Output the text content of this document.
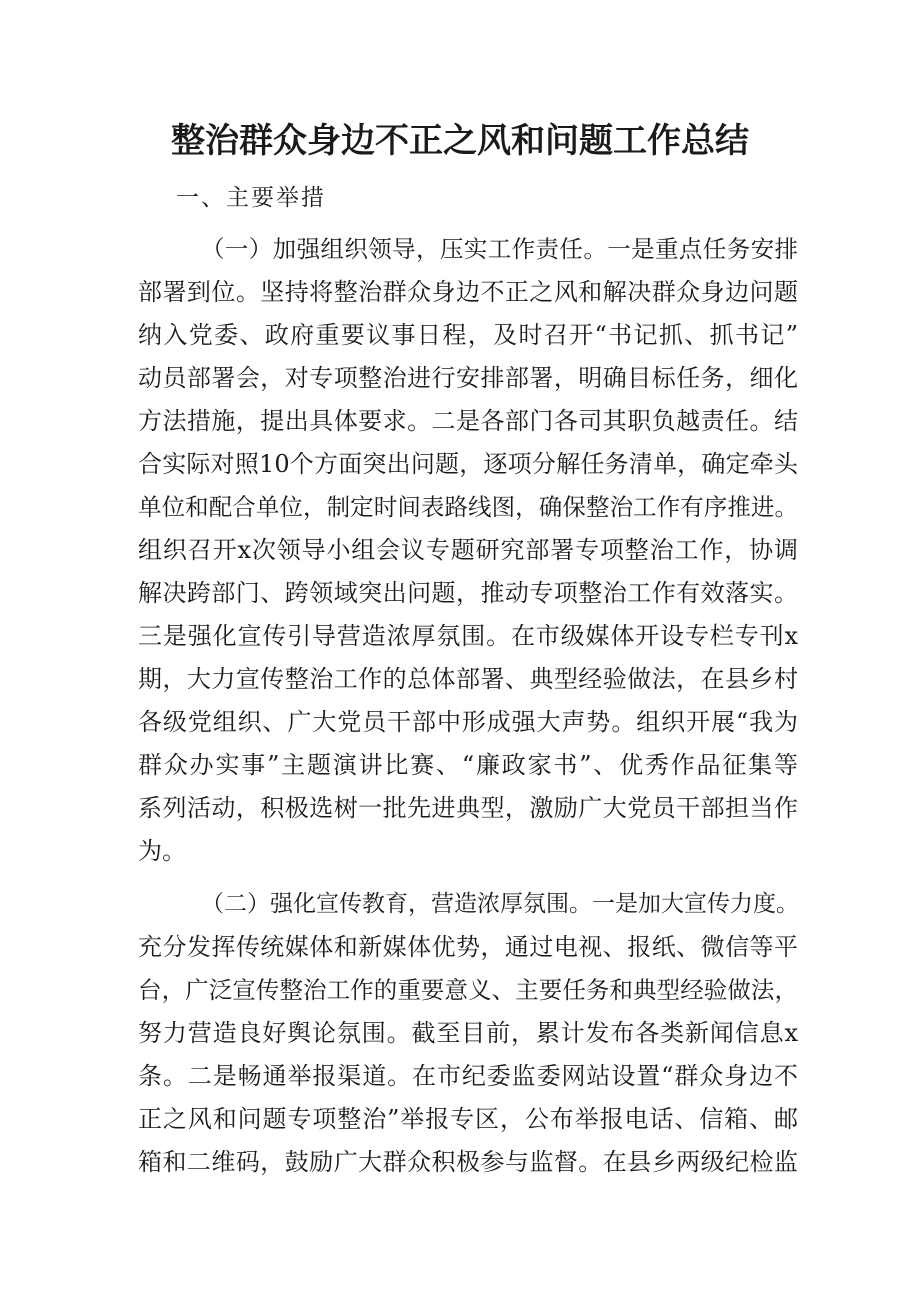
整治群众身边不正之风和问题工作总结

一、主要举措

（一）加强组织领导，压实工作责任。一是重点任务安排

部署到位。坚持将整治群众身边不正之风和解决群众身边问题

纳入党委、政府重要议事日程，及时召开“书记抓、抓书记”

动员部署会，对专项整治进行安排部署，明确目标任务，细化

方法措施，提出具体要求。二是各部门各司其职负越责任。结

合实际对照10个方面突出问题，逐项分解任务清单，确定牵头

单位和配合单位，制定时间表路线图，确保整治工作有序推进。

组织召开x次领导小组会议专题研究部署专项整治工作，协调

解决跨部门、跨领域突出问题，推动专项整治工作有效落实。

三是强化宣传引导营造浓厚氛围。在市级媒体开设专栏专刊x

期，大力宣传整治工作的总体部署、典型经验做法，在县乡村

各级党组织、广大党员干部中形成强大声势。组织开展“我为

群众办实事”主题演讲比赛、“廉政家书”、优秀作品征集等

系列活动，积极选树一批先进典型，激励广大党员干部担当作

为。

（二）强化宣传教育，营造浓厚氛围。一是加大宣传力度。

充分发挥传统媒体和新媒体优势，通过电视、报纸、微信等平

台，广泛宣传整治工作的重要意义、主要任务和典型经验做法，

努力营造良好舆论氛围。截至目前，累计发布各类新闻信息x

条。二是畅通举报渠道。在市纪委监委网站设置“群众身边不

正之风和问题专项整治”举报专区，公布举报电话、信箱、邮

箱和二维码，鼓励广大群众积极参与监督。在县乡两级纪检监
